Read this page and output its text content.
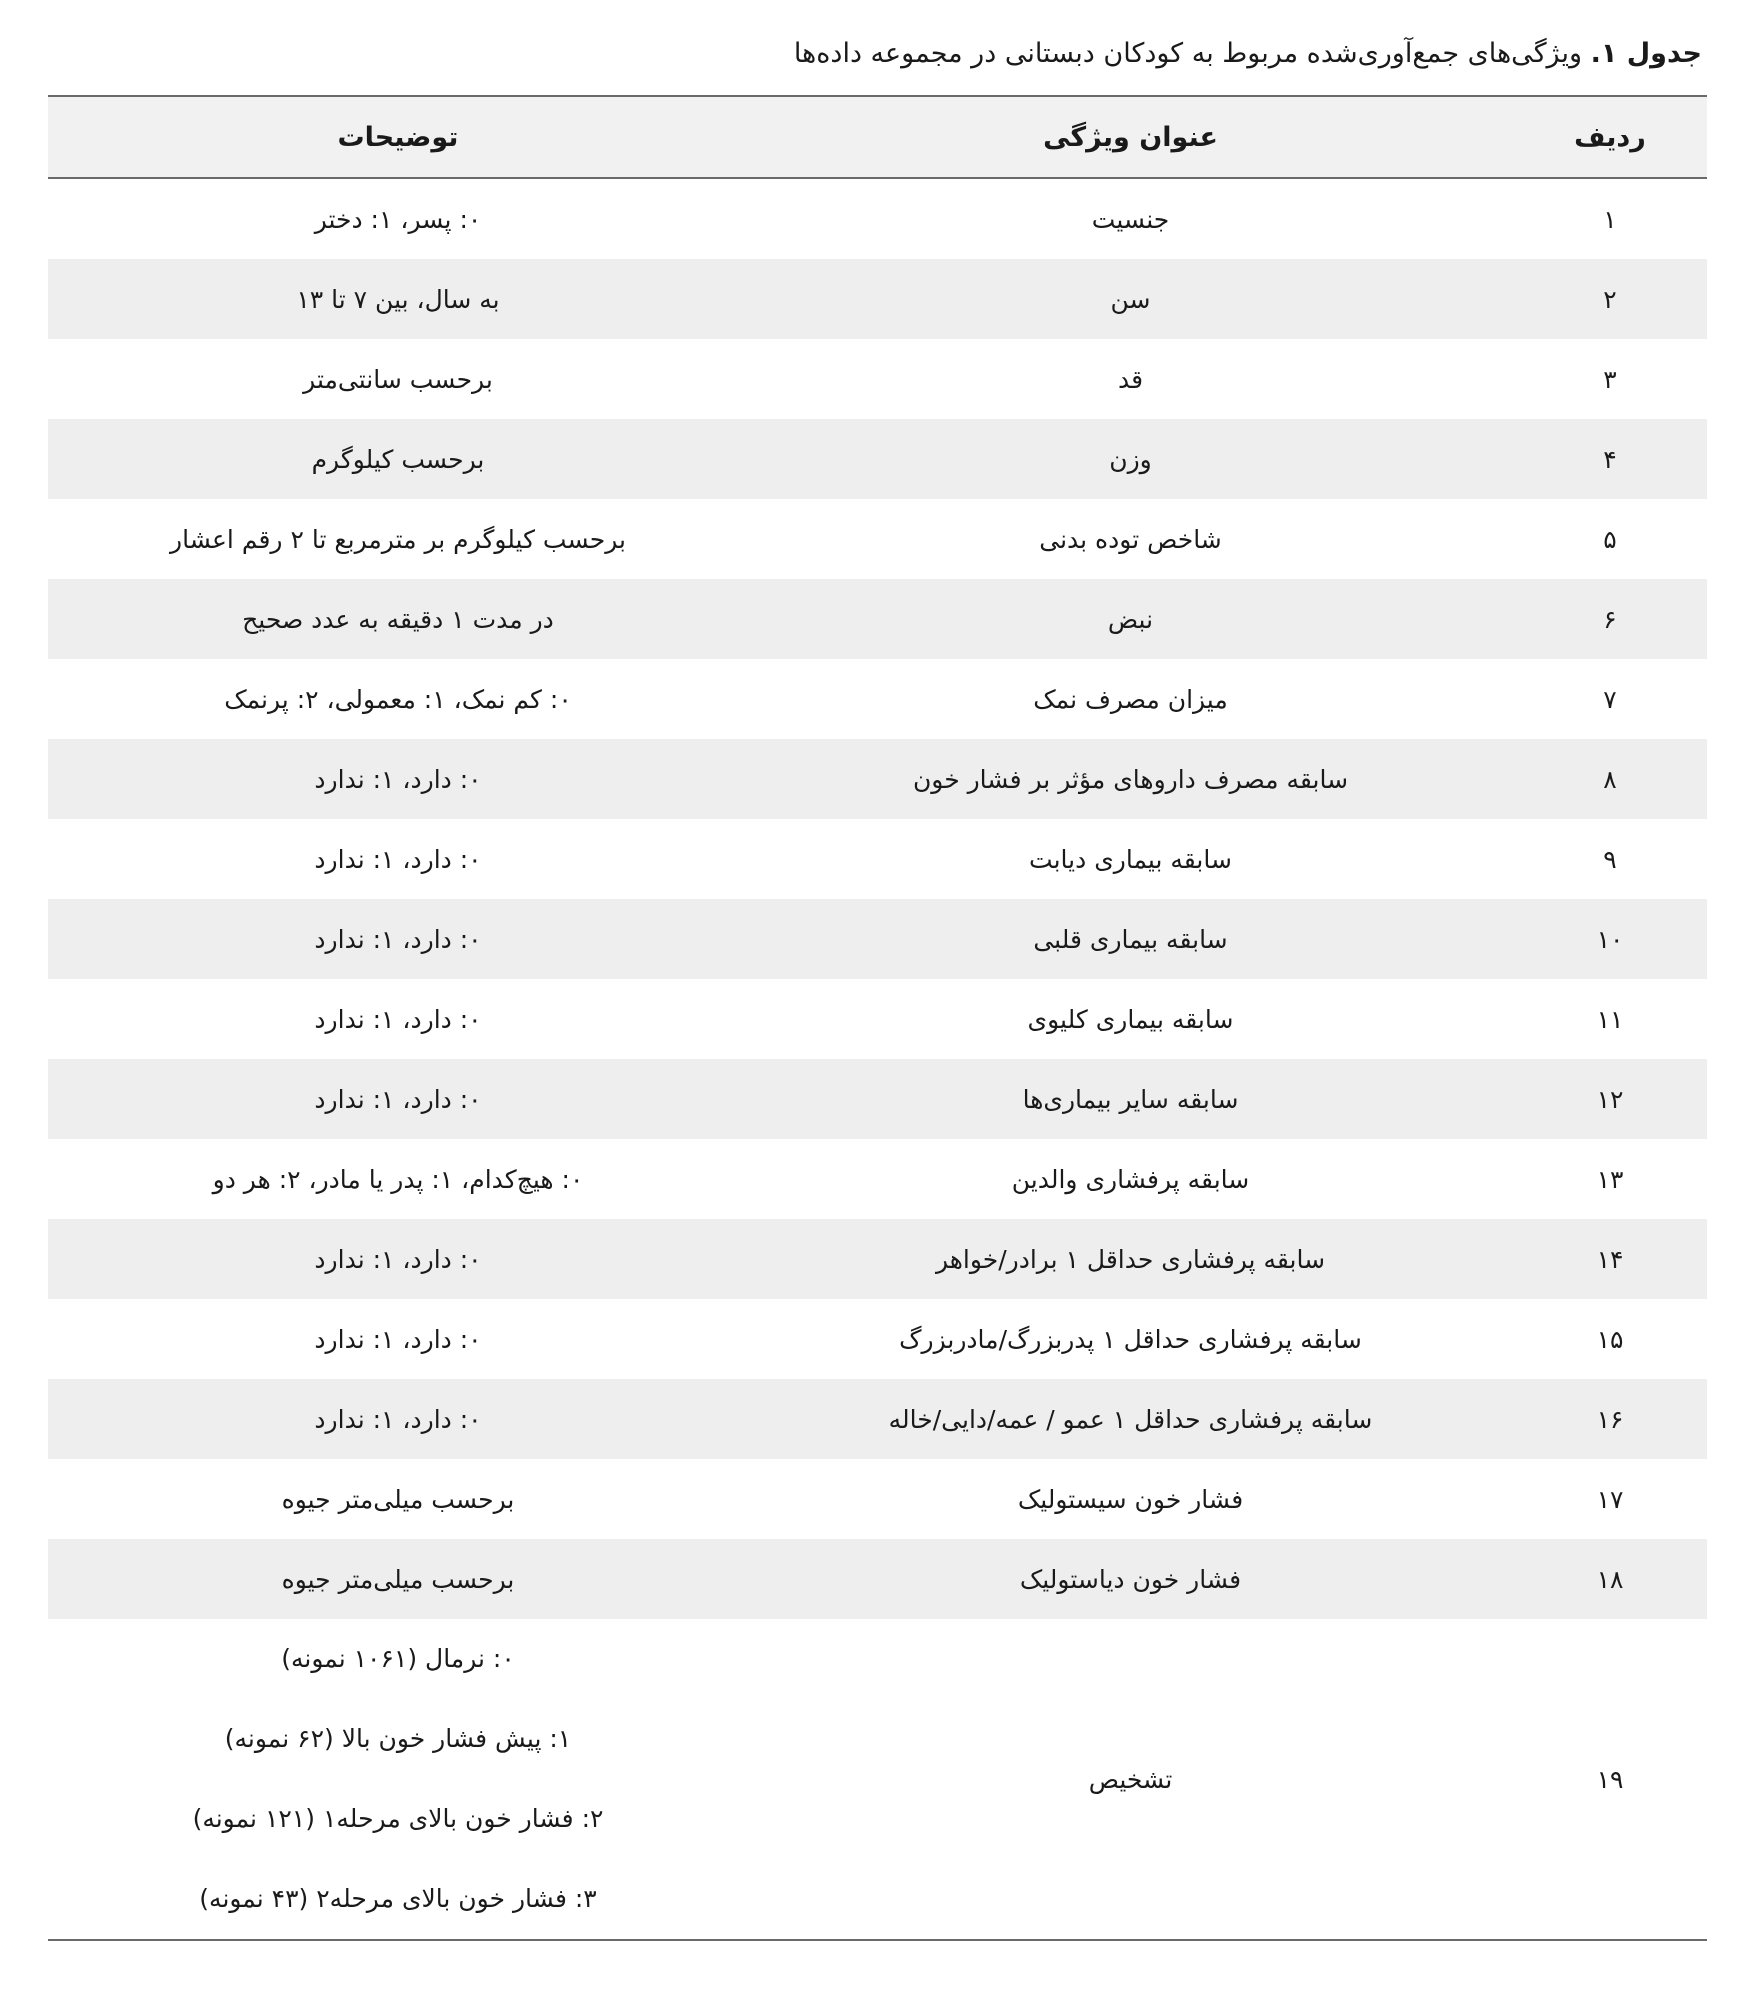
جدول ۱. ویژگی‌های جمع‌آوری‌شده مربوط به کودکان دبستانی در مجموعه داده‌ها
ردیف	عنوان ویژگی	توضیحات
۱	جنسیت	۰: پسر، ۱: دختر
۲	سن	به سال، بین ۷ تا ۱۳
۳	قد	برحسب سانتی‌متر
۴	وزن	برحسب کیلوگرم
۵	شاخص توده بدنی	برحسب کیلوگرم بر مترمربع تا ۲ رقم اعشار
۶	نبض	در مدت ۱ دقیقه به عدد صحیح
۷	میزان مصرف نمک	۰: کم نمک، ۱: معمولی، ۲: پرنمک
۸	سابقه مصرف داروهای مؤثر بر فشار خون	۰: دارد، ۱: ندارد
۹	سابقه بیماری دیابت	۰: دارد، ۱: ندارد
۱۰	سابقه بیماری قلبی	۰: دارد، ۱: ندارد
۱۱	سابقه بیماری کلیوی	۰: دارد، ۱: ندارد
۱۲	سابقه سایر بیماری‌ها	۰: دارد، ۱: ندارد
۱۳	سابقه پرفشاری والدین	۰: هیچ‌کدام، ۱: پدر یا مادر، ۲: هر دو
۱۴	سابقه پرفشاری حداقل ۱ برادر/خواهر	۰: دارد، ۱: ندارد
۱۵	سابقه پرفشاری حداقل ۱ پدربزرگ/مادربزرگ	۰: دارد، ۱: ندارد
۱۶	سابقه پرفشاری حداقل ۱ عمو / عمه/دایی/خاله	۰: دارد، ۱: ندارد
۱۷	فشار خون سیستولیک	برحسب میلی‌متر جیوه
۱۸	فشار خون دیاستولیک	برحسب میلی‌متر جیوه
۱۹	تشخیص	۰: نرمال (۱۰۶۱ نمونه)
۱: پیش فشار خون بالا (۶۲ نمونه)
۲: فشار خون بالای مرحله۱ (۱۲۱ نمونه)
۳: فشار خون بالای مرحله۲ (۴۳ نمونه)
